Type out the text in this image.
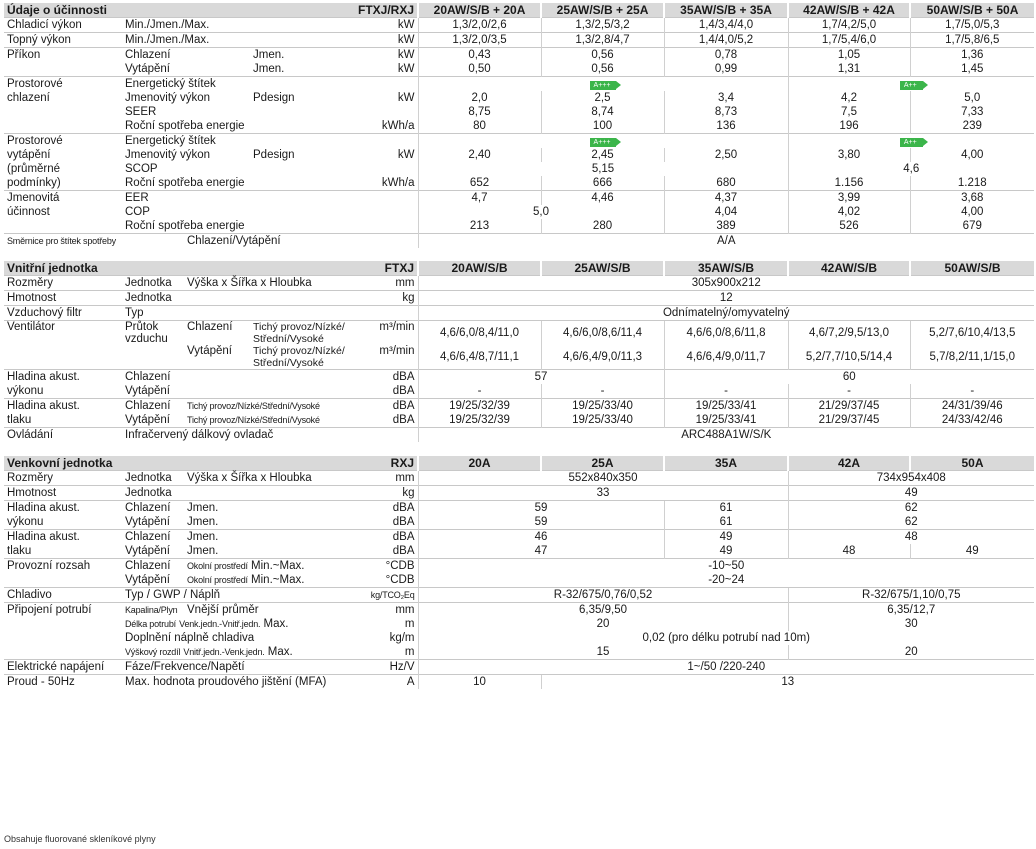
Údaje o účinnosti				FTXJ/RXJ	20AW/S/B + 20A	25AW/S/B + 25A	35AW/S/B + 35A	42AW/S/B + 42A	50AW/S/B + 50A
Chladicí výkon	Min./Jmen./Max.			kW	1,3/2,0/2,6	1,3/2,5/3,2	1,4/3,4/4,0	1,7/4,2/5,0	1,7/5,0/5,3
Topný výkon	Min./Jmen./Max.			kW	1,3/2,0/3,5	1,3/2,8/4,7	1,4/4,0/5,2	1,7/5,4/6,0	1,7/5,8/6,5
Příkon	Chlazení		Jmen.	kW	0,43	0,56	0,78	1,05	1,36
	Vytápění		Jmen.	kW	0,50	0,56	0,99	1,31	1,45
Prostorové	Energetický štítek				A+++			A++	
chlazení	Jmenovitý výkon		Pdesign	kW	2,0	2,5	3,4	4,2	5,0
	SEER				8,75	8,74	8,73	7,5	7,33
	Roční spotřeba energie			kWh/a	80	100	136	196	239
Prostorové	Energetický štítek				A+++			A++	
vytápění	Jmenovitý výkon		Pdesign	kW	2,40	2,45	2,50	3,80	4,00
(průměrné	SCOP				5,15			4,6	
podmínky)	Roční spotřeba energie			kWh/a	652	666	680	1.156	1.218
Jmenovitá	EER				4,7	4,46	4,37	3,99	3,68
účinnost	COP				5,0		4,04	4,02	4,00
	Roční spotřeba energie				213	280	389	526	679
Směrnice pro štítek spotřeby		Chlazení/Vytápění			A/A				

Vnitřní jednotka				FTXJ	20AW/S/B	25AW/S/B	35AW/S/B	42AW/S/B	50AW/S/B
Rozměry	Jednotka	Výška x Šířka x Hloubka		mm	305x900x212				
Hmotnost	Jednotka			kg	12				
Vzduchový filtr	Typ				Odnímatelný/omyvatelný				
Ventilátor	Průtok
vzduchu	Chlazení	Tichý provoz/Nízké/
Střední/Vysoké	m³/min	4,6/6,0/8,4/11,0	4,6/6,0/8,6/11,4	4,6/6,0/8,6/11,8	4,6/7,2/9,5/13,0	5,2/7,6/10,4/13,5
		Vytápění	Tichý provoz/Nízké/
Střední/Vysoké	m³/min	4,6/6,4/8,7/11,1	4,6/6,4/9,0/11,3	4,6/6,4/9,0/11,7	5,2/7,7/10,5/14,4	5,7/8,2/11,1/15,0
Hladina akust.	Chlazení			dBA	57		60		
výkonu	Vytápění			dBA	-	-	-	-	-
Hladina akust.	Chlazení	Tichý provoz/Nízké/Střední/Vysoké		dBA	19/25/32/39	19/25/33/40	19/25/33/41	21/29/37/45	24/31/39/46
tlaku	Vytápění	Tichý provoz/Nízké/Střední/Vysoké		dBA	19/25/32/39	19/25/33/40	19/25/33/41	21/29/37/45	24/33/42/46
Ovládání	Infračervený dálkový ovladač				ARC488A1W/S/K				

Venkovní jednotka				RXJ	20A	25A	35A	42A	50A
Rozměry	Jednotka	Výška x Šířka x Hloubka		mm	552x840x350			734x954x408	
Hmotnost	Jednotka			kg	33			49	
Hladina akust.	Chlazení	Jmen.		dBA	59		61	62	
výkonu	Vytápění	Jmen.		dBA	59		61	62	
Hladina akust.	Chlazení	Jmen.		dBA	46		49	48	
tlaku	Vytápění	Jmen.		dBA	47		49	48	49
Provozní rozsah	Chlazení	Okolní prostředí Min.~Max.		°CDB	-10~50				
	Vytápění	Okolní prostředí Min.~Max.		°CDB	-20~24				
Chladivo	Typ / GWP / Náplň			kg/TCO₂Eq	R-32/675/0,76/0,52			R-32/675/1,10/0,75	
Připojení potrubí	Kapalina/Plyn	Vnější průměr		mm	6,35/9,50			6,35/12,7	
	Délka potrubí Venk.jedn.-Vnitř.jedn. Max.			m	20			30	
	Doplnění náplně chladiva			kg/m	0,02 (pro délku potrubí nad 10m)				
	Výškový rozdíl Vnitř.jedn.-Venk.jedn. Max.			m	15			20	
Elektrické napájení	Fáze/Frekvence/Napětí			Hz/V	1~/50 /220-240				
Proud - 50Hz	Max. hodnota proudového jištění (MFA)			A	10	13			
Obsahuje fluorované skleníkové plyny
